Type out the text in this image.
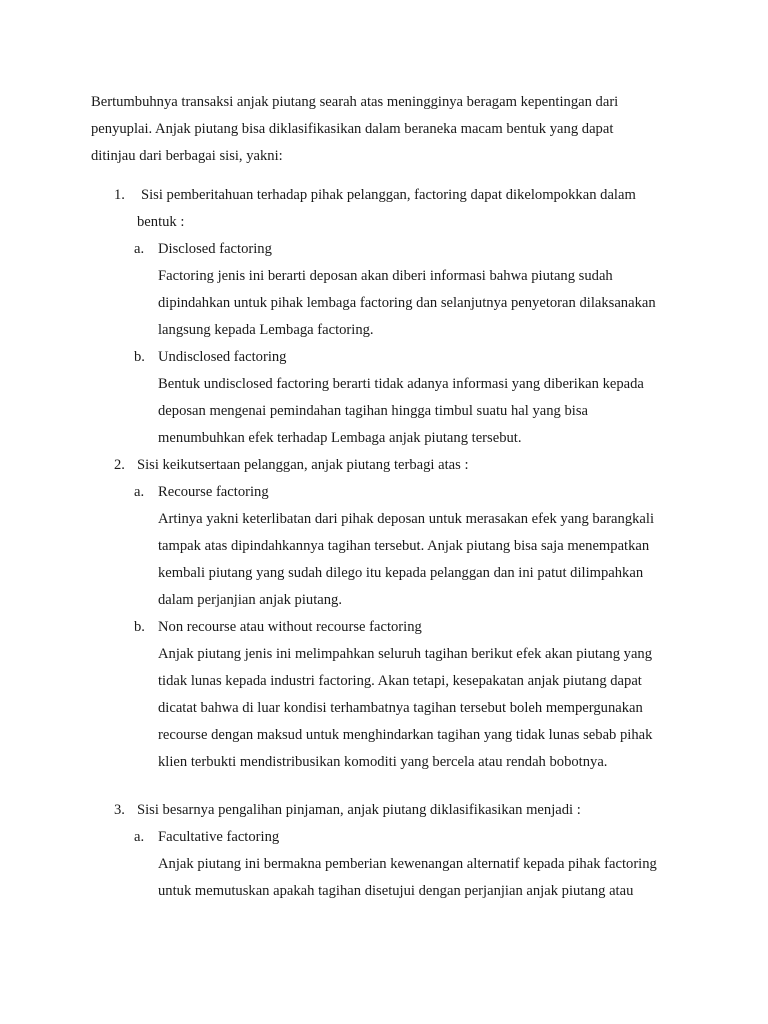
Bertumbuhnya transaksi anjak piutang searah atas meningginya beragam kepentingan dari
penyuplai. Anjak piutang bisa diklasifikasikan dalam beraneka macam bentuk yang dapat
ditinjau dari berbagai sisi, yakni:

1. Sisi pemberitahuan terhadap pihak pelanggan, factoring dapat dikelompokkan dalam
bentuk :
a. Disclosed factoring

Factoring jenis ini berarti deposan akan diberi informasi bahwa piutang sudah
dipindahkan untuk pihak lembaga factoring dan selanjutnya penyetoran dilaksanakan
langsung kepada Lembaga factoring.

b. Undisclosed factoring

Bentuk undisclosed factoring berarti tidak adanya informasi yang diberikan kepada
deposan mengenai pemindahan tagihan hingga timbul suatu hal yang bisa
menumbuhkan efek terhadap Lembaga anjak piutang tersebut.

2. Sisi keikutsertaan pelanggan, anjak piutang terbagi atas :
a. Recourse factoring

Artinya yakni keterlibatan dari pihak deposan untuk merasakan efek yang barangkali
tampak atas dipindahkannya tagihan tersebut. Anjak piutang bisa saja menempatkan
kembali piutang yang sudah dilego itu kepada pelanggan dan ini patut dilimpahkan
dalam perjanjian anjak piutang.

b. Non recourse atau without recourse factoring

Anjak piutang jenis ini melimpahkan seluruh tagihan berikut efek akan piutang yang
tidak lunas kepada industri factoring. Akan tetapi, kesepakatan anjak piutang dapat
dicatat bahwa di luar kondisi terhambatnya tagihan tersebut boleh mempergunakan
recourse dengan maksud untuk menghindarkan tagihan yang tidak lunas sebab pihak
klien terbukti mendistribusikan komoditi yang bercela atau rendah bobotnya.

3. Sisi besarnya pengalihan pinjaman, anjak piutang diklasifikasikan menjadi :
a. Facultative factoring

Anjak piutang ini bermakna pemberian kewenangan alternatif kepada pihak factoring
untuk memutuskan apakah tagihan disetujui dengan perjanjian anjak piutang atau
